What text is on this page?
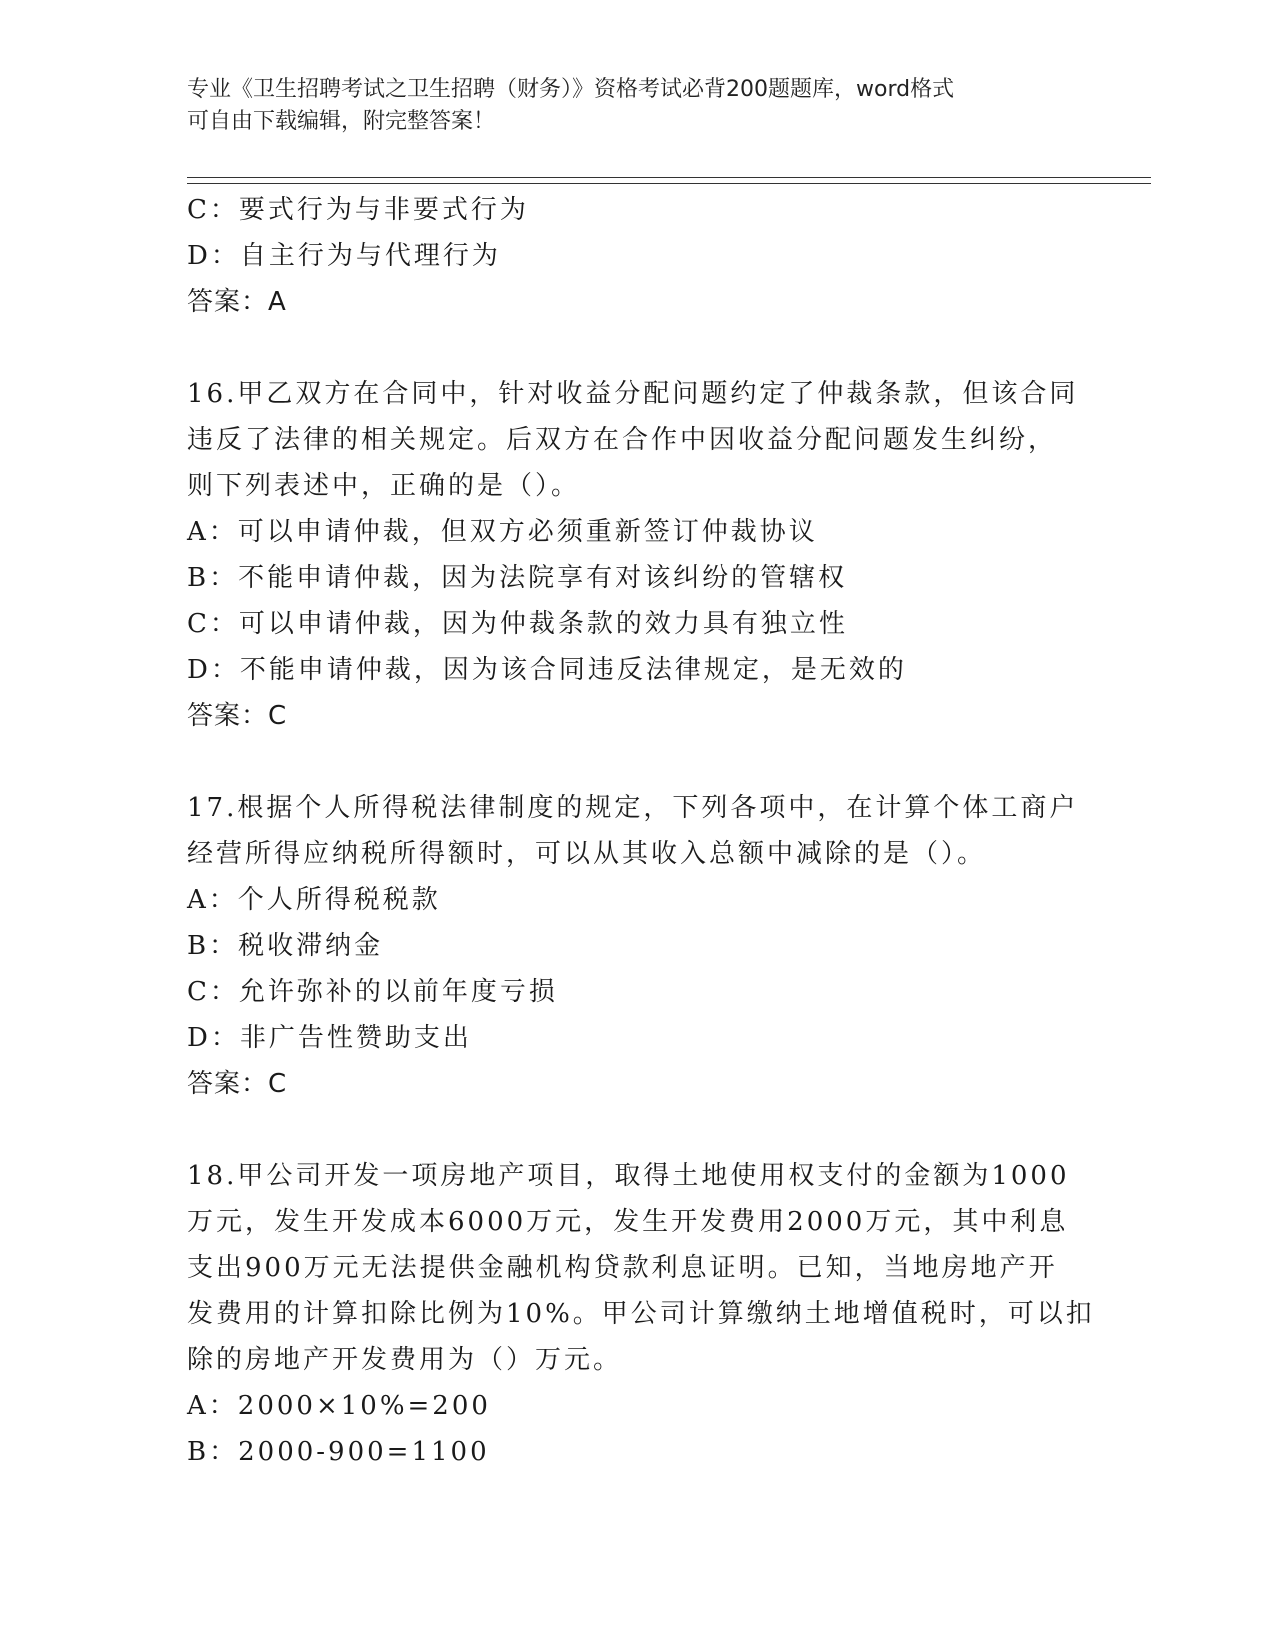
专业《卫生招聘考试之卫生招聘（财务）》资格考试必背200题题库，word格式
可自由下载编辑，附完整答案！
C：要式行为与非要式行为
D：自主行为与代理行为
答案：A
16.甲乙双方在合同中，针对收益分配问题约定了仲裁条款，但该合同
违反了法律的相关规定。后双方在合作中因收益分配问题发生纠纷，
则下列表述中，正确的是（）。
A：可以申请仲裁，但双方必须重新签订仲裁协议
B：不能申请仲裁，因为法院享有对该纠纷的管辖权
C：可以申请仲裁，因为仲裁条款的效力具有独立性
D：不能申请仲裁，因为该合同违反法律规定，是无效的
答案：C
17.根据个人所得税法律制度的规定，下列各项中，在计算个体工商户
经营所得应纳税所得额时，可以从其收入总额中减除的是（）。
A：个人所得税税款
B：税收滞纳金
C：允许弥补的以前年度亏损
D：非广告性赞助支出
答案：C
18.甲公司开发一项房地产项目，取得土地使用权支付的金额为1000
万元，发生开发成本6000万元，发生开发费用2000万元，其中利息
支出900万元无法提供金融机构贷款利息证明。已知，当地房地产开
发费用的计算扣除比例为10%。甲公司计算缴纳土地增值税时，可以扣
除的房地产开发费用为（）万元。
A：2000×10%=200
B：2000-900=1100
